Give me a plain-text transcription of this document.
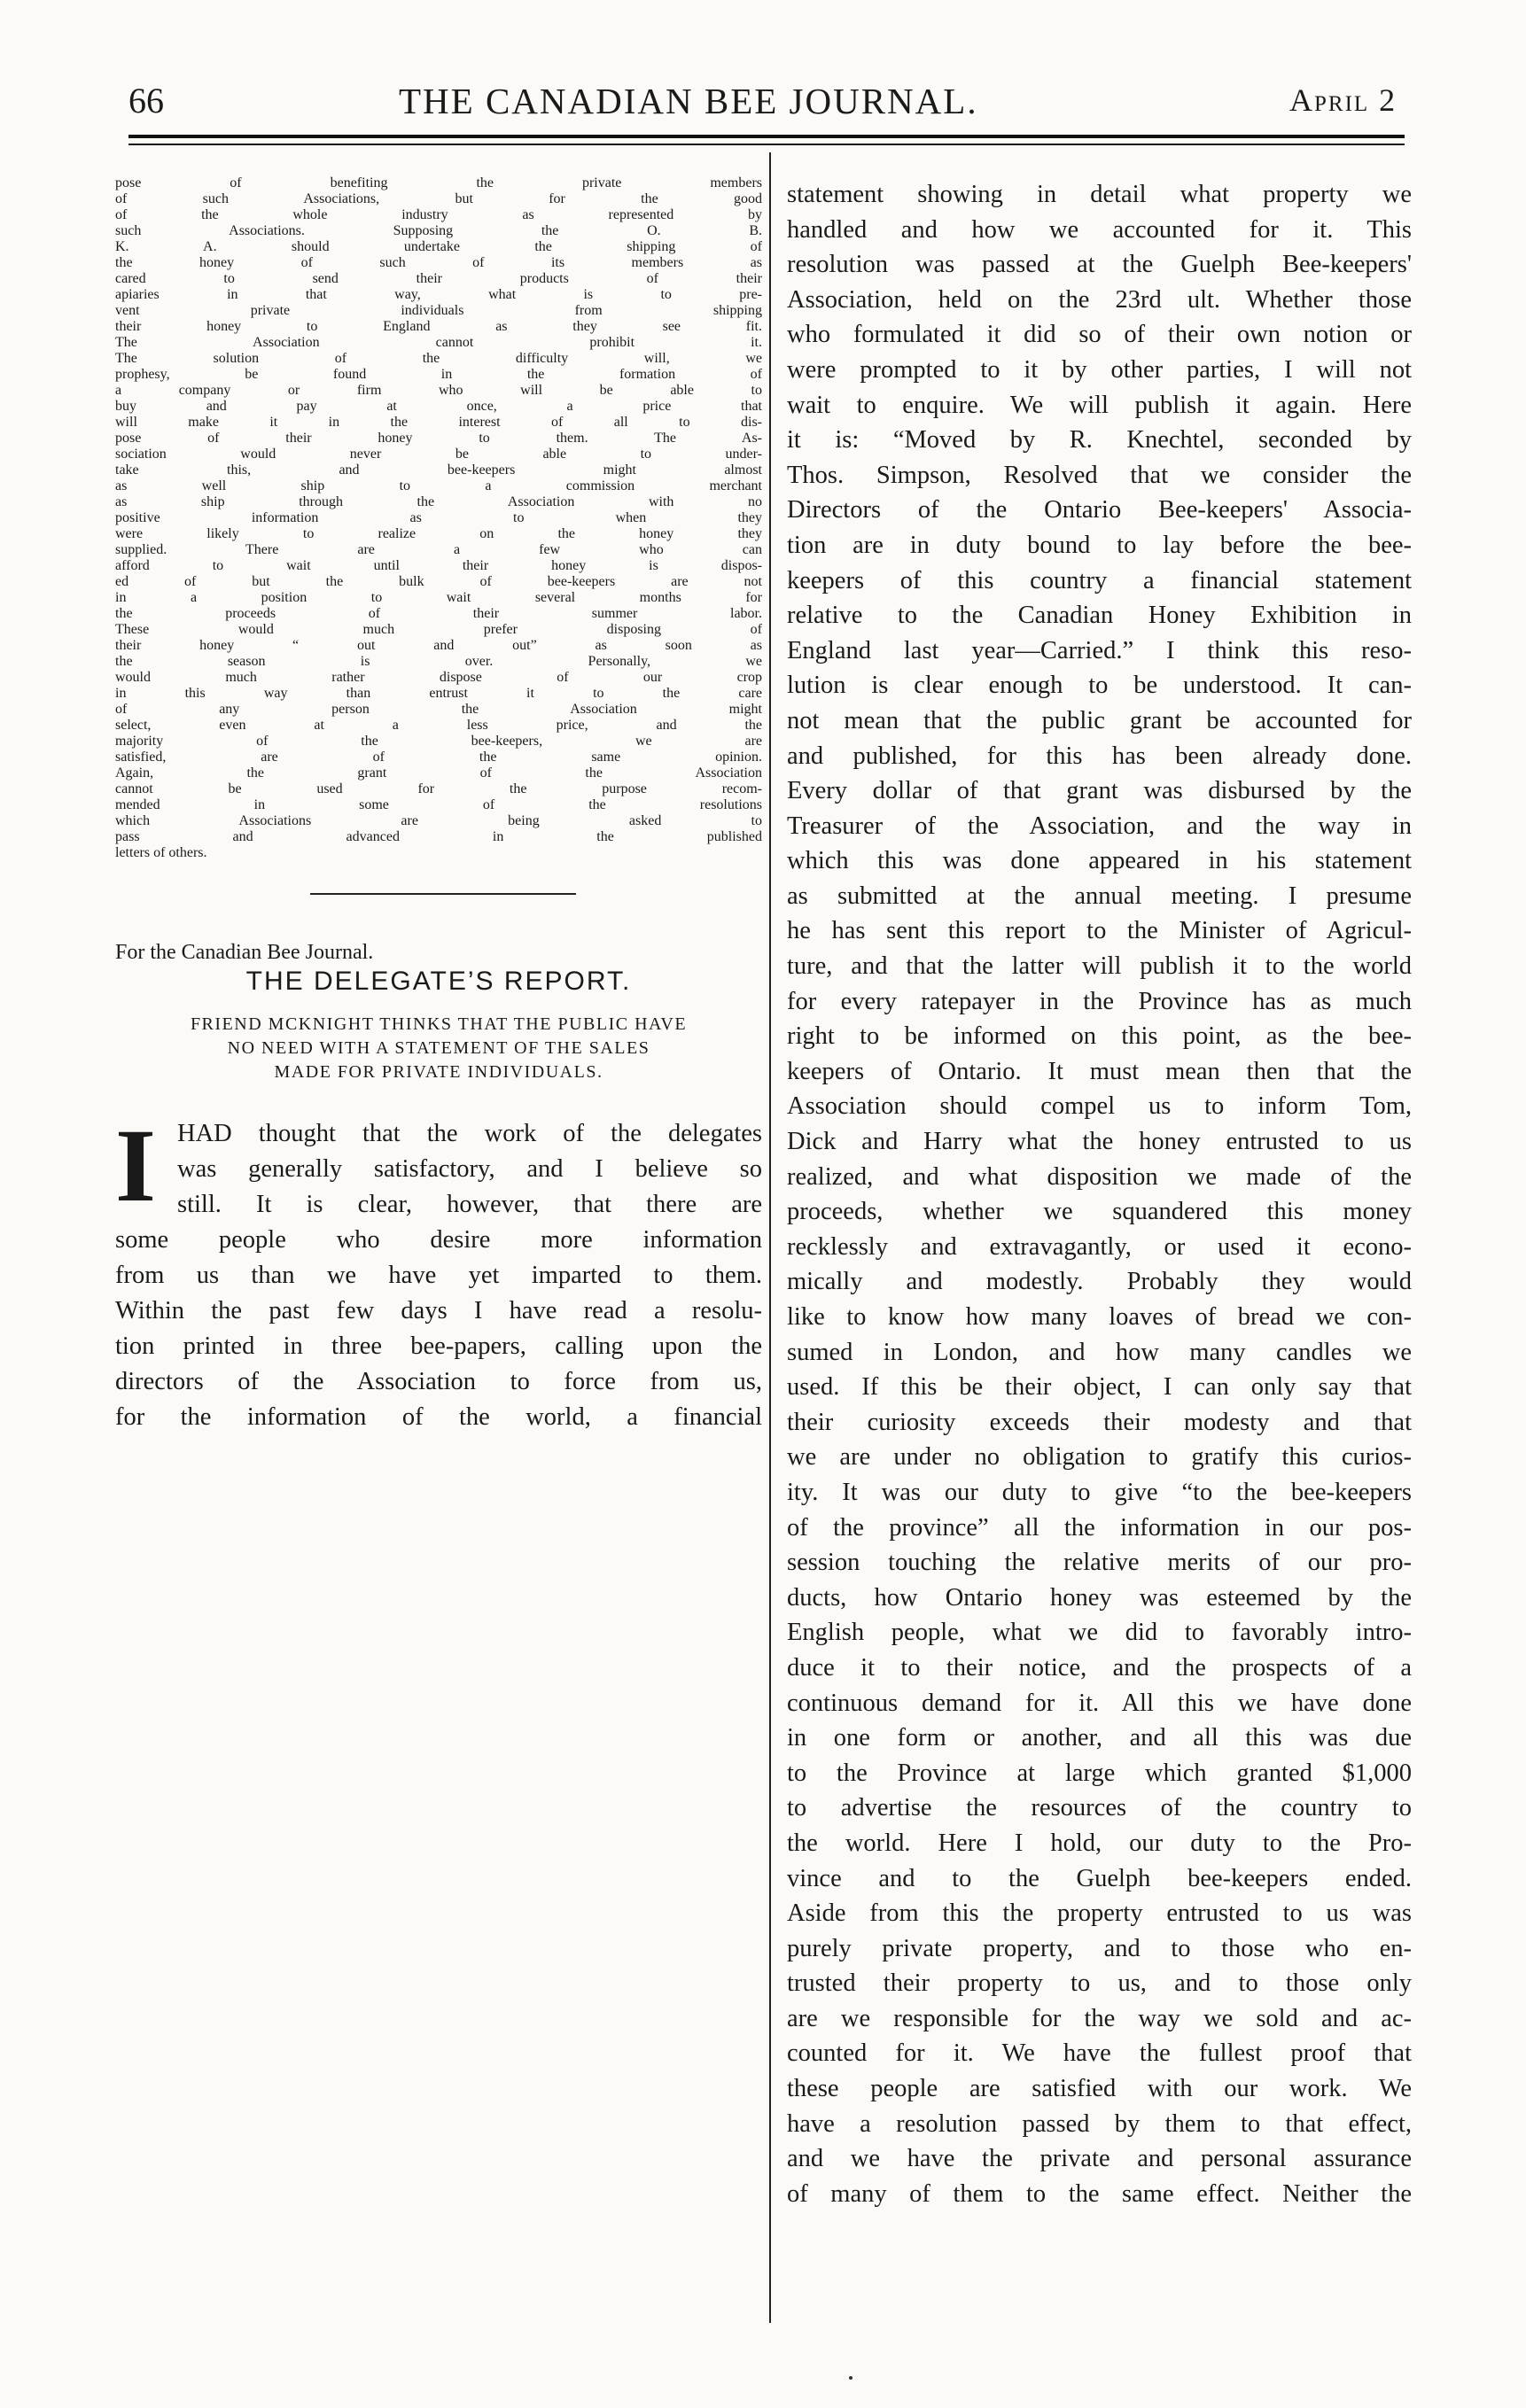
66	THE CANADIAN BEE JOURNAL.	April 2
pose of benefiting the private members
of such Associations, but for the good
of the whole industry as represented by
such Associations. Supposing the O. B.
K. A. should undertake the shipping of
the honey of such of its members as
cared to send their products of their
apiaries in that way, what is to pre-
vent private individuals from shipping
their honey to England as they see fit.
The Association cannot prohibit it.
The solution of the difficulty will, we
prophesy, be found in the formation of
a company or firm who will be able to
buy and pay at once, a price that
will make it in the interest of all to dis-
pose of their honey to them. The As-
sociation would never be able to under-
take this, and bee-keepers might almost
as well ship to a commission merchant
as ship through the Association with no
positive information as to when they
were likely to realize on the honey they
supplied. There are a few who can
afford to wait until their honey is dispos-
ed of but the bulk of bee-keepers are not
in a position to wait several months for
the proceeds of their summer labor.
These would much prefer disposing of
their honey “ out and out” as soon as
the season is over. Personally, we
would much rather dispose of our crop
in this way than entrust it to the care
of any person the Association might
select, even at a less price, and the
majority of the bee-keepers, we are
satisfied, are of the same opinion.
Again, the grant of the Association
cannot be used for the purpose recom-
mended in some of the resolutions
which Associations are being asked to
pass and advanced in the published
letters of others.
For the Canadian Bee Journal.
THE DELEGATE’S REPORT.
FRIEND MCKNIGHT THINKS THAT THE PUBLIC HAVE
NO NEED WITH A STATEMENT OF THE SALES
MADE FOR PRIVATE INDIVIDUALS.
I HAD thought that the work of the delegates
was generally satisfactory, and I believe so
still. It is clear, however, that there are
some people who desire more information
from us than we have yet imparted to them.
Within the past few days I have read a resolu-
tion printed in three bee-papers, calling upon the
directors of the Association to force from us,
for the information of the world, a financial
statement showing in detail what property we
handled and how we accounted for it. This
resolution was passed at the Guelph Bee-keepers'
Association, held on the 23rd ult. Whether those
who formulated it did so of their own notion or
were prompted to it by other parties, I will not
wait to enquire. We will publish it again. Here
it is: “Moved by R. Knechtel, seconded by
Thos. Simpson, Resolved that we consider the
Directors of the Ontario Bee-keepers' Associa-
tion are in duty bound to lay before the bee-
keepers of this country a financial statement
relative to the Canadian Honey Exhibition in
England last year—Carried.” I think this reso-
lution is clear enough to be understood. It can-
not mean that the public grant be accounted for
and published, for this has been already done.
Every dollar of that grant was disbursed by the
Treasurer of the Association, and the way in
which this was done appeared in his statement
as submitted at the annual meeting. I presume
he has sent this report to the Minister of Agricul-
ture, and that the latter will publish it to the world
for every ratepayer in the Province has as much
right to be informed on this point, as the bee-
keepers of Ontario. It must mean then that the
Association should compel us to inform Tom,
Dick and Harry what the honey entrusted to us
realized, and what disposition we made of the
proceeds, whether we squandered this money
recklessly and extravagantly, or used it econo-
mically and modestly. Probably they would
like to know how many loaves of bread we con-
sumed in London, and how many candles we
used. If this be their object, I can only say that
their curiosity exceeds their modesty and that
we are under no obligation to gratify this curios-
ity. It was our duty to give “to the bee-keepers
of the province” all the information in our pos-
session touching the relative merits of our pro-
ducts, how Ontario honey was esteemed by the
English people, what we did to favorably intro-
duce it to their notice, and the prospects of a
continuous demand for it. All this we have done
in one form or another, and all this was due
to the Province at large which granted $1,000
to advertise the resources of the country to
the world. Here I hold, our duty to the Pro-
vince and to the Guelph bee-keepers ended.
Aside from this the property entrusted to us was
purely private property, and to those who en-
trusted their property to us, and to those only
are we responsible for the way we sold and ac-
counted for it. We have the fullest proof that
these people are satisfied with our work. We
have a resolution passed by them to that effect,
and we have the private and personal assurance
of many of them to the same effect. Neither the
